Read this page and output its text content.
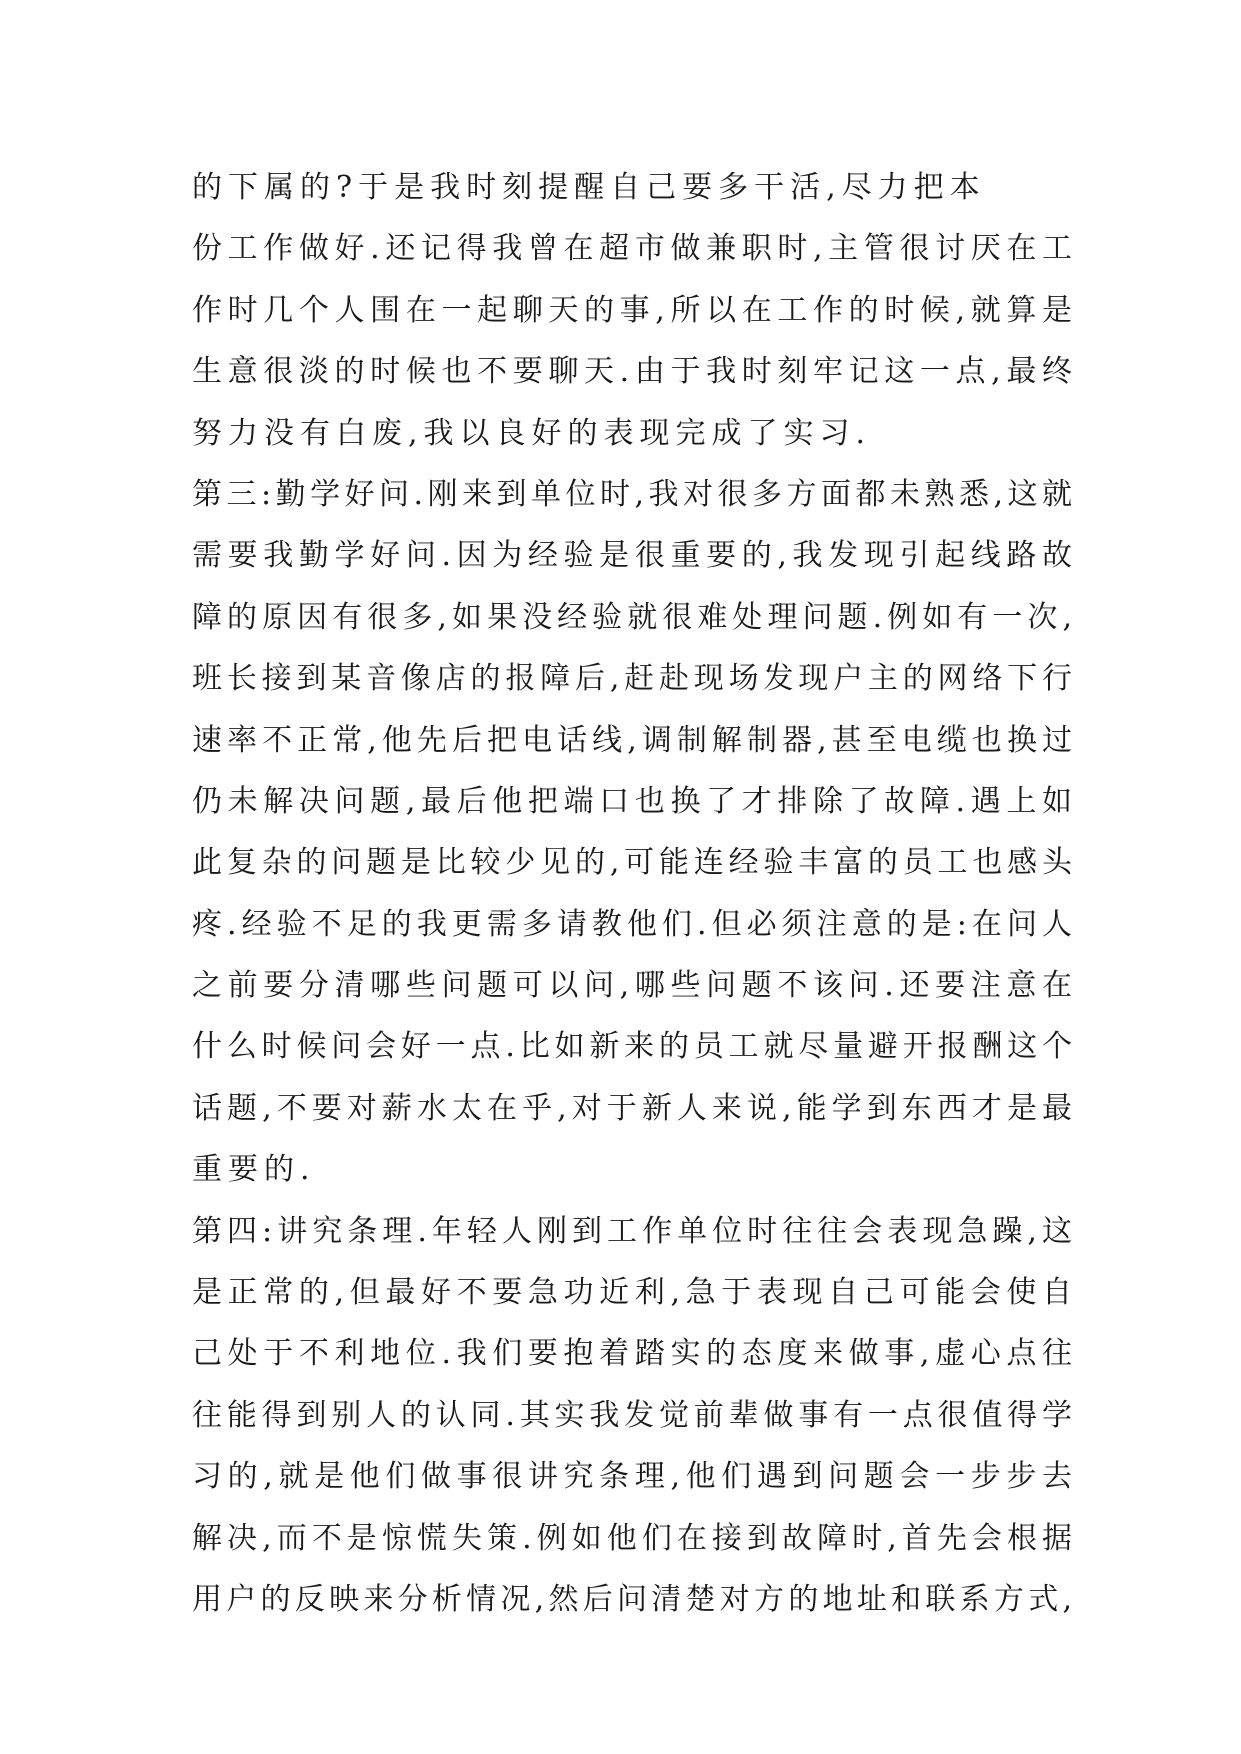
的下属的?于是我时刻提醒自己要多干活,尽力把本
份工作做好.还记得我曾在超市做兼职时,主管很讨厌在工
作时几个人围在一起聊天的事,所以在工作的时候,就算是
生意很淡的时候也不要聊天.由于我时刻牢记这一点,最终
努力没有白废,我以良好的表现完成了实习.
第三:勤学好问.刚来到单位时,我对很多方面都未熟悉,这就
需要我勤学好问.因为经验是很重要的,我发现引起线路故
障的原因有很多,如果没经验就很难处理问题.例如有一次,
班长接到某音像店的报障后,赶赴现场发现户主的网络下行
速率不正常,他先后把电话线,调制解制器,甚至电缆也换过
仍未解决问题,最后他把端口也换了才排除了故障.遇上如
此复杂的问题是比较少见的,可能连经验丰富的员工也感头
疼.经验不足的我更需多请教他们.但必须注意的是:在问人
之前要分清哪些问题可以问,哪些问题不该问.还要注意在
什么时候问会好一点.比如新来的员工就尽量避开报酬这个
话题,不要对薪水太在乎,对于新人来说,能学到东西才是最
重要的.
第四:讲究条理.年轻人刚到工作单位时往往会表现急躁,这
是正常的,但最好不要急功近利,急于表现自己可能会使自
己处于不利地位.我们要抱着踏实的态度来做事,虚心点往
往能得到别人的认同.其实我发觉前辈做事有一点很值得学
习的,就是他们做事很讲究条理,他们遇到问题会一步步去
解决,而不是惊慌失策.例如他们在接到故障时,首先会根据
用户的反映来分析情况,然后问清楚对方的地址和联系方式,
